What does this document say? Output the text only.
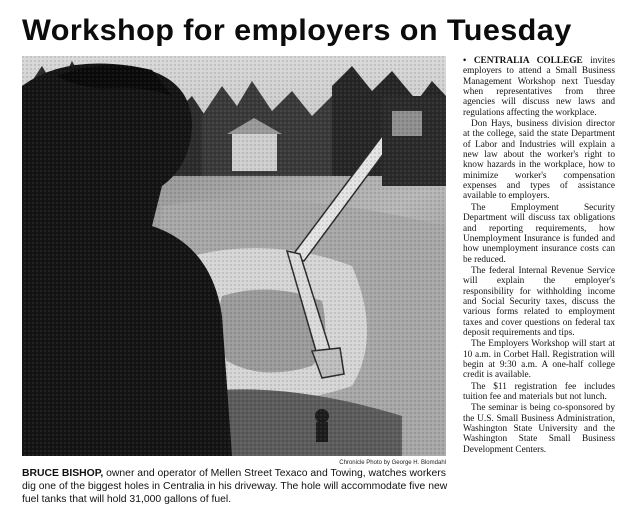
Workshop for employers on Tuesday
Chronicle Photo by George H. Blomdahl
BRUCE BISHOP, owner and operator of Mellen Street Texaco and Towing, watches workers dig one of the biggest holes in Centralia in his driveway. The hole will accommodate five new fuel tanks that will hold 31,000 gallons of fuel.

• CENTRALIA COLLEGE invites employers to attend a Small Business Management Workshop next Tuesday when representatives from three agencies will discuss new laws and regulations affecting the workplace.

Don Hays, business division director at the college, said the state Department of Labor and Industries will explain a new law about the worker's right to know hazards in the workplace, how to minimize worker's compensation expenses and types of assistance available to employers.

The Employment Security Department will discuss tax obligations and reporting requirements, how Unemployment Insurance is funded and how unemployment insurance costs can be reduced.

The federal Internal Revenue Service will explain the employer's responsibility for withholding income and Social Security taxes, discuss the various forms related to employment taxes and cover questions on federal tax deposit requirements and tips.

The Employers Workshop will start at 10 a.m. in Corbet Hall. Registration will begin at 9:30 a.m. A one-half college credit is available.

The $11 registration fee includes tuition fee and materials but not lunch.

The seminar is being co-sponsored by the U.S. Small Business Administration, Washington State University and the Washington State Small Business Development Centers.
